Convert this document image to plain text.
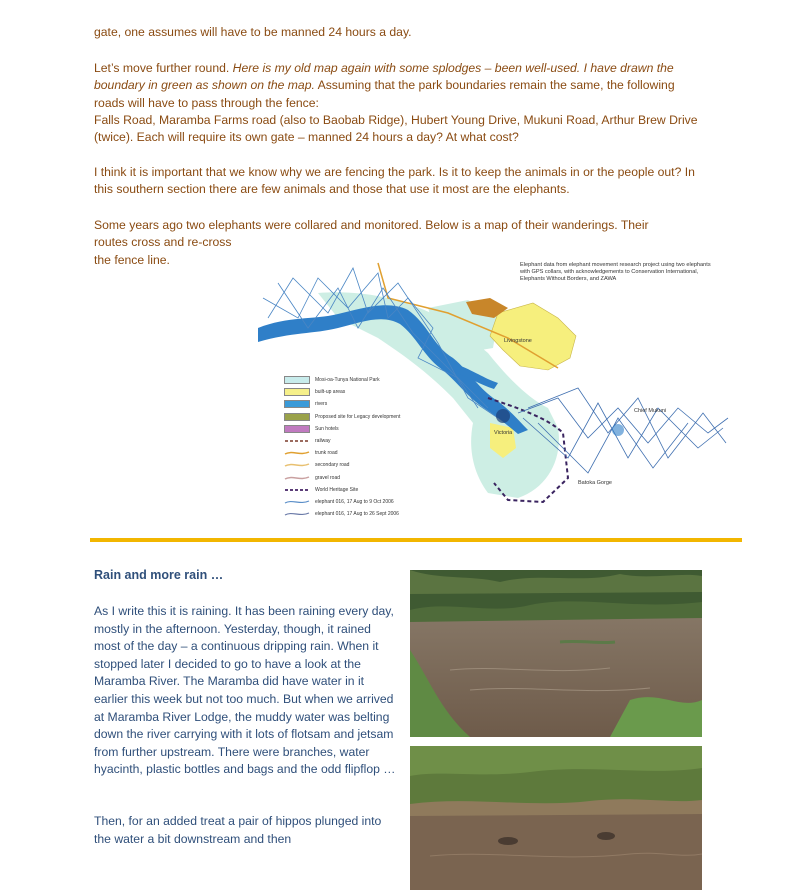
gate, one assumes will have to be manned 24 hours a day.

Let’s move further round. Here is my old map again with some splodges – been well-used. I have drawn the boundary in green as shown on the map. Assuming that the park boundaries remain the same, the following roads will have to pass through the fence:
Falls Road, Maramba Farms road (also to Baobab Ridge), Hubert Young Drive, Mukuni Road, Arthur Brew Drive (twice). Each will require its own gate – manned 24 hours a day? At what cost?

I think it is important that we know why we are fencing the park. Is it to keep the animals in or the people out? In this southern section there are few animals and those that use it most are the elephants.

Some years ago two elephants were collared and monitored. Below is a map of their wanderings. Their
routes cross and re-cross
the fence line.	Elephant data from elephant movement research project using two elephants with GPS collars, with acknowledgements to Conservation International, Elephants Without Borders, and ZAWA
Livingstone
Chief Mukuni
Batoka Gorge
Victoria
Mosi-oa-Tunya National Park
built-up areas
rivers
Proposed site for Legacy development
Sun hotels
railway
trunk road
secondary road
gravel road
World Heritage Site
elephant 016, 17 Aug to 9 Oct 2006
elephant 016, 17 Aug to 26 Sept 2006
Rain and more rain …

As I write this it is raining. It has been raining every day, mostly in the afternoon. Yesterday, though, it rained most of the day – a continuous dripping rain. When it stopped later I decided to go to have a look at the Maramba River. The Maramba did have water in it earlier this week but not too much. But when we arrived at Maramba River Lodge, the muddy water was belting down the river carrying with it lots of flotsam and jetsam from further upstream. There were branches, water hyacinth, plastic bottles and bags and the odd flipflop …

Then, for an added treat a pair of hippos plunged into the water a bit downstream and then
